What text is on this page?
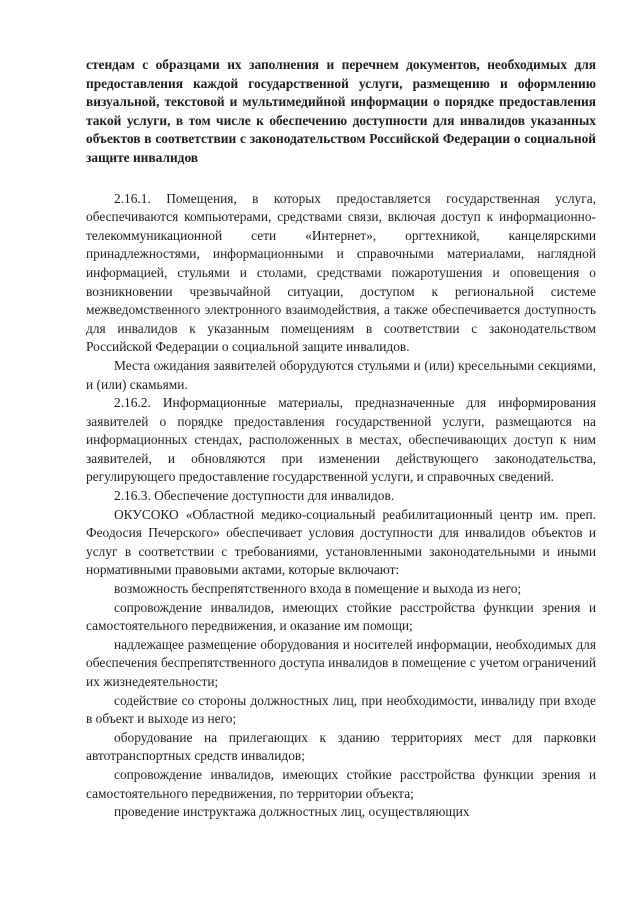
стендам с образцами их заполнения и перечнем документов, необходимых для предоставления каждой государственной услуги, размещению и оформлению визуальной, текстовой и мультимедийной информации о порядке предоставления такой услуги, в том числе к обеспечению доступности для инвалидов указанных объектов в соответствии с законодательством Российской Федерации о социальной защите инвалидов

2.16.1. Помещения, в которых предоставляется государственная услуга, обеспечиваются компьютерами, средствами связи, включая доступ к информационно-телекоммуникационной сети «Интернет», оргтехникой, канцелярскими принадлежностями, информационными и справочными материалами, наглядной информацией, стульями и столами, средствами пожаротушения и оповещения о возникновении чрезвычайной ситуации, доступом к региональной системе межведомственного электронного взаимодействия, а также обеспечивается доступность для инвалидов к указанным помещениям в соответствии с законодательством Российской Федерации о социальной защите инвалидов.

Места ожидания заявителей оборудуются стульями и (или) кресельными секциями, и (или) скамьями.

2.16.2. Информационные материалы, предназначенные для информирования заявителей о порядке предоставления государственной услуги, размещаются на информационных стендах, расположенных в местах, обеспечивающих доступ к ним заявителей, и обновляются при изменении действующего законодательства, регулирующего предоставление государственной услуги, и справочных сведений.

2.16.3. Обеспечение доступности для инвалидов.

ОКУСОКО «Областной медико-социальный реабилитационный центр им. преп. Феодосия Печерского» обеспечивает условия доступности для инвалидов объектов и услуг в соответствии с требованиями, установленными законодательными и иными нормативными правовыми актами, которые включают:

возможность беспрепятственного входа в помещение и выхода из него;

сопровождение инвалидов, имеющих стойкие расстройства функции зрения и самостоятельного передвижения, и оказание им помощи;

надлежащее размещение оборудования и носителей информации, необходимых для обеспечения беспрепятственного доступа инвалидов в помещение с учетом ограничений их жизнедеятельности;

содействие со стороны должностных лиц, при необходимости, инвалиду при входе в объект и выходе из него;

оборудование на прилегающих к зданию территориях мест для парковки автотранспортных средств инвалидов;

сопровождение инвалидов, имеющих стойкие расстройства функции зрения и самостоятельного передвижения, по территории объекта;

проведение инструктажа должностных лиц, осуществляющих
